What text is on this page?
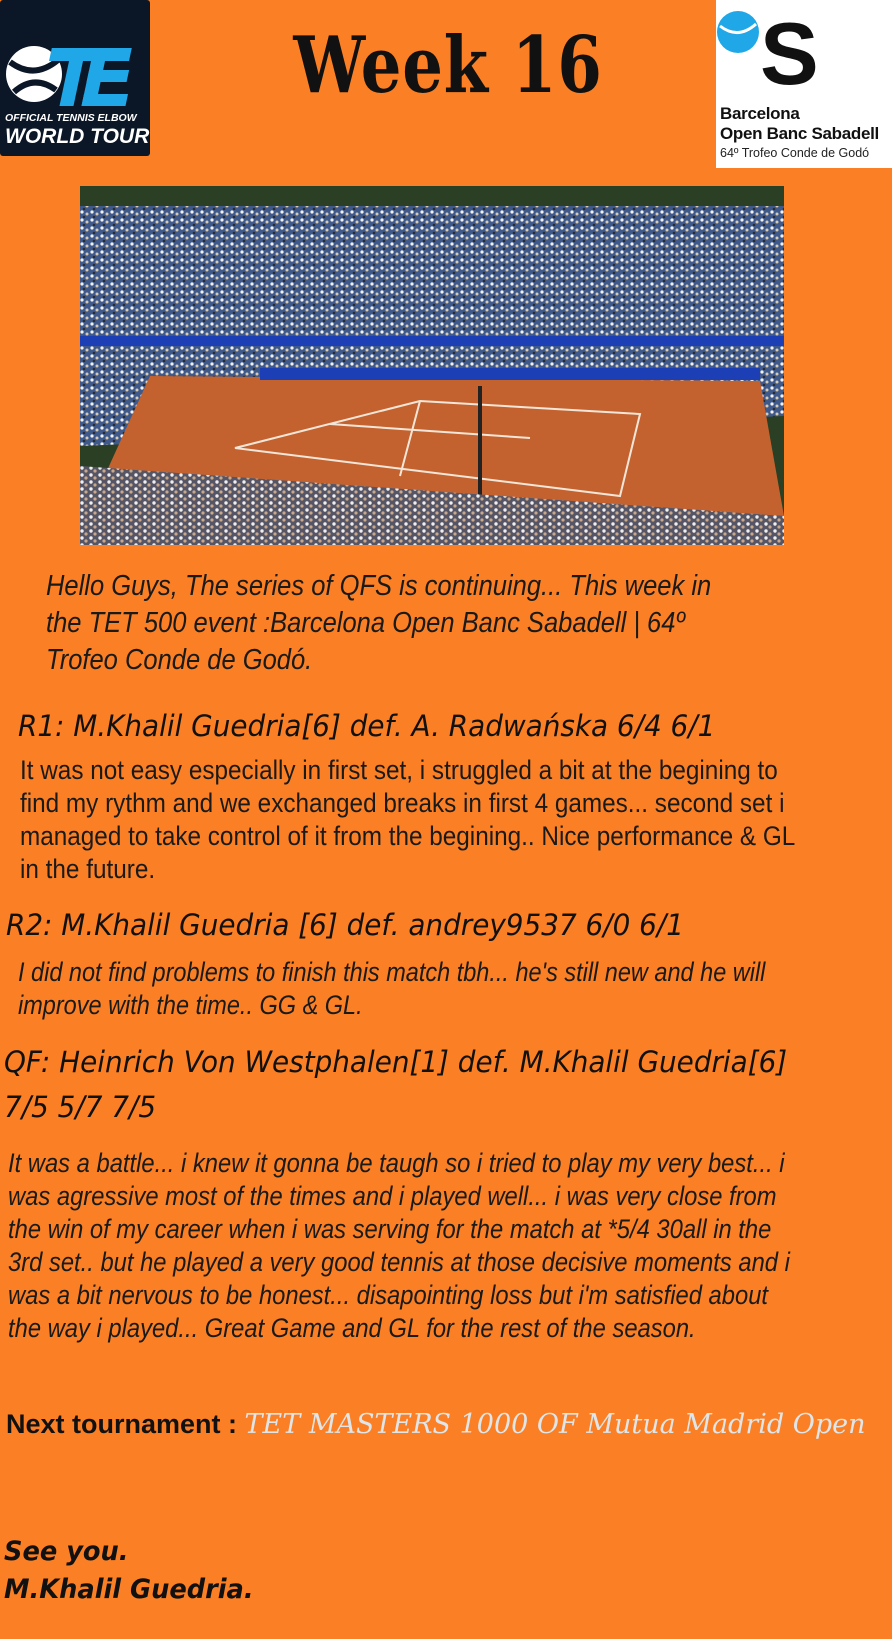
OFFICIAL TENNIS ELBOW
WORLD TOUR
Week 16	S
Barcelona
Open Banc Sabadell
64º Trofeo Conde de Godó
Hello Guys, The series of QFS is continuing... This week in the TET 500 event :Barcelona Open Banc Sabadell | 64º Trofeo Conde de Godó.
R1: M.Khalil Guedria[6] def. A. Radwańska 6/4 6/1
It was not easy especially in first set, i struggled a bit at the begining to find my rythm and we exchanged breaks in first 4 games... second set i managed to take control of it from the begining.. Nice performance & GL in the future.
R2: M.Khalil Guedria [6] def. andrey9537 6/0 6/1
I did not find problems to finish this match tbh... he's still new and he will improve with the time.. GG & GL.
QF: Heinrich Von Westphalen[1] def. M.Khalil Guedria[6]
7/5 5/7 7/5
It was a battle... i knew it gonna be taugh so i tried to play my very best... i was agressive most of the times and i played well... i was very close from the win of my career when i was serving for the match at *5/4 30all in the 3rd set.. but he played a very good tennis at those decisive moments and i was a bit nervous to be honest... disapointing loss but i'm satisfied about the way i played... Great Game and GL for the rest of the season.
Next tournament : TET MASTERS 1000 OF Mutua Madrid Open
See you.
M.Khalil Guedria.
